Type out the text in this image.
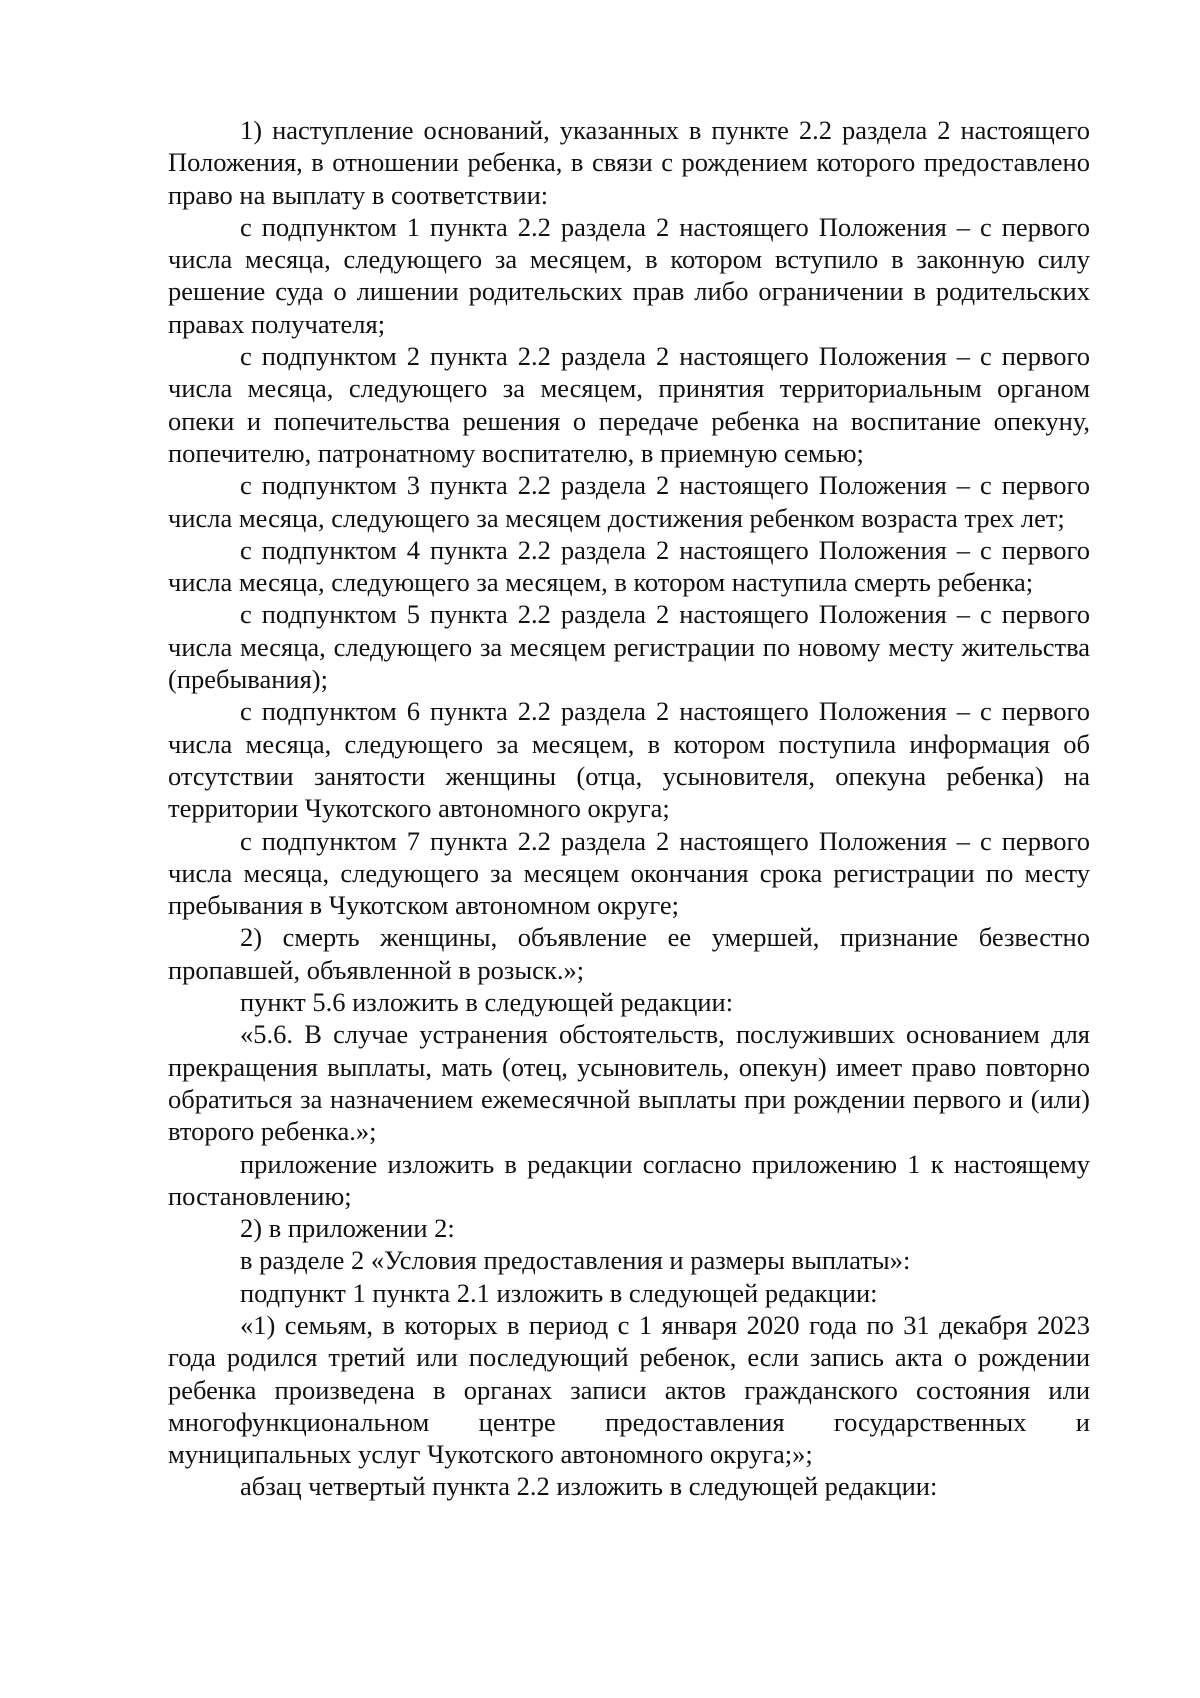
1) наступление оснований, указанных в пункте 2.2 раздела 2 настоящего Положения, в отношении ребенка, в связи с рождением которого предоставлено право на выплату в соответствии:

с подпунктом 1 пункта 2.2 раздела 2 настоящего Положения – с первого числа месяца, следующего за месяцем, в котором вступило в законную силу решение суда о лишении родительских прав либо ограничении в родительских правах получателя;

с подпунктом 2 пункта 2.2 раздела 2 настоящего Положения – с первого числа месяца, следующего за месяцем, принятия территориальным органом опеки и попечительства решения о передаче ребенка на воспитание опекуну, попечителю, патронатному воспитателю, в приемную семью;

с подпунктом 3 пункта 2.2 раздела 2 настоящего Положения – с первого числа месяца, следующего за месяцем достижения ребенком возраста трех лет;

с подпунктом 4 пункта 2.2 раздела 2 настоящего Положения – с первого числа месяца, следующего за месяцем, в котором наступила смерть ребенка;

с подпунктом 5 пункта 2.2 раздела 2 настоящего Положения – с первого числа месяца, следующего за месяцем регистрации по новому месту жительства (пребывания);

с подпунктом 6 пункта 2.2 раздела 2 настоящего Положения – с первого числа месяца, следующего за месяцем, в котором поступила информация об отсутствии занятости женщины (отца, усыновителя, опекуна ребенка) на территории Чукотского автономного округа;

с подпунктом 7 пункта 2.2 раздела 2 настоящего Положения – с первого числа месяца, следующего за месяцем окончания срока регистрации по месту пребывания в Чукотском автономном округе;

2) смерть женщины, объявление ее умершей, признание безвестно пропавшей, объявленной в розыск.»;

пункт 5.6 изложить в следующей редакции:

«5.6. В случае устранения обстоятельств, послуживших основанием для прекращения выплаты, мать (отец, усыновитель, опекун) имеет право повторно обратиться за назначением ежемесячной выплаты при рождении первого и (или) второго ребенка.»;

приложение изложить в редакции согласно приложению 1 к настоящему постановлению;

2) в приложении 2:

в разделе 2 «Условия предоставления и размеры выплаты»:

подпункт 1 пункта 2.1 изложить в следующей редакции:

«1) семьям, в которых в период с 1 января 2020 года по 31 декабря 2023 года родился третий или последующий ребенок, если запись акта о рождении ребенка произведена в органах записи актов гражданского состояния или многофункциональном центре предоставления государственных и муниципальных услуг Чукотского автономного округа;»;

абзац четвертый пункта 2.2 изложить в следующей редакции:
